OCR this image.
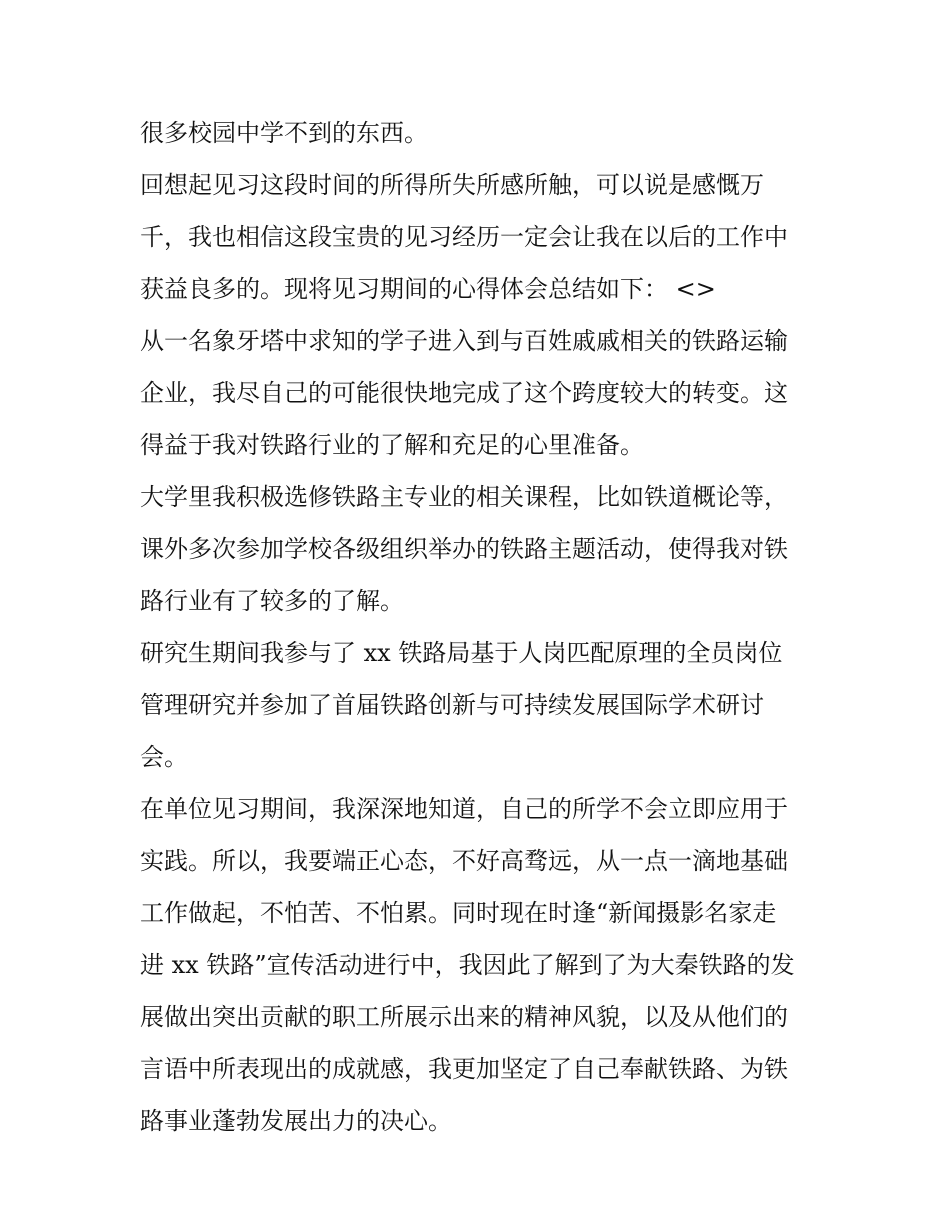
很多校园中学不到的东西。
回想起见习这段时间的所得所失所感所触，可以说是感慨万
千，我也相信这段宝贵的见习经历一定会让我在以后的工作中
获益良多的。现将见习期间的心得体会总结如下： <>
从一名象牙塔中求知的学子进入到与百姓戚戚相关的铁路运输
企业，我尽自己的可能很快地完成了这个跨度较大的转变。这
得益于我对铁路行业的了解和充足的心里准备。
大学里我积极选修铁路主专业的相关课程，比如铁道概论等，
课外多次参加学校各级组织举办的铁路主题活动，使得我对铁
路行业有了较多的了解。
研究生期间我参与了 xx 铁路局基于人岗匹配原理的全员岗位
管理研究并参加了首届铁路创新与可持续发展国际学术研讨
会。
在单位见习期间，我深深地知道，自己的所学不会立即应用于
实践。所以，我要端正心态，不好高骛远，从一点一滴地基础
工作做起，不怕苦、不怕累。同时现在时逢“新闻摄影名家走
进 xx 铁路”宣传活动进行中，我因此了解到了为大秦铁路的发
展做出突出贡献的职工所展示出来的精神风貌，以及从他们的
言语中所表现出的成就感，我更加坚定了自己奉献铁路、为铁
路事业蓬勃发展出力的决心。
